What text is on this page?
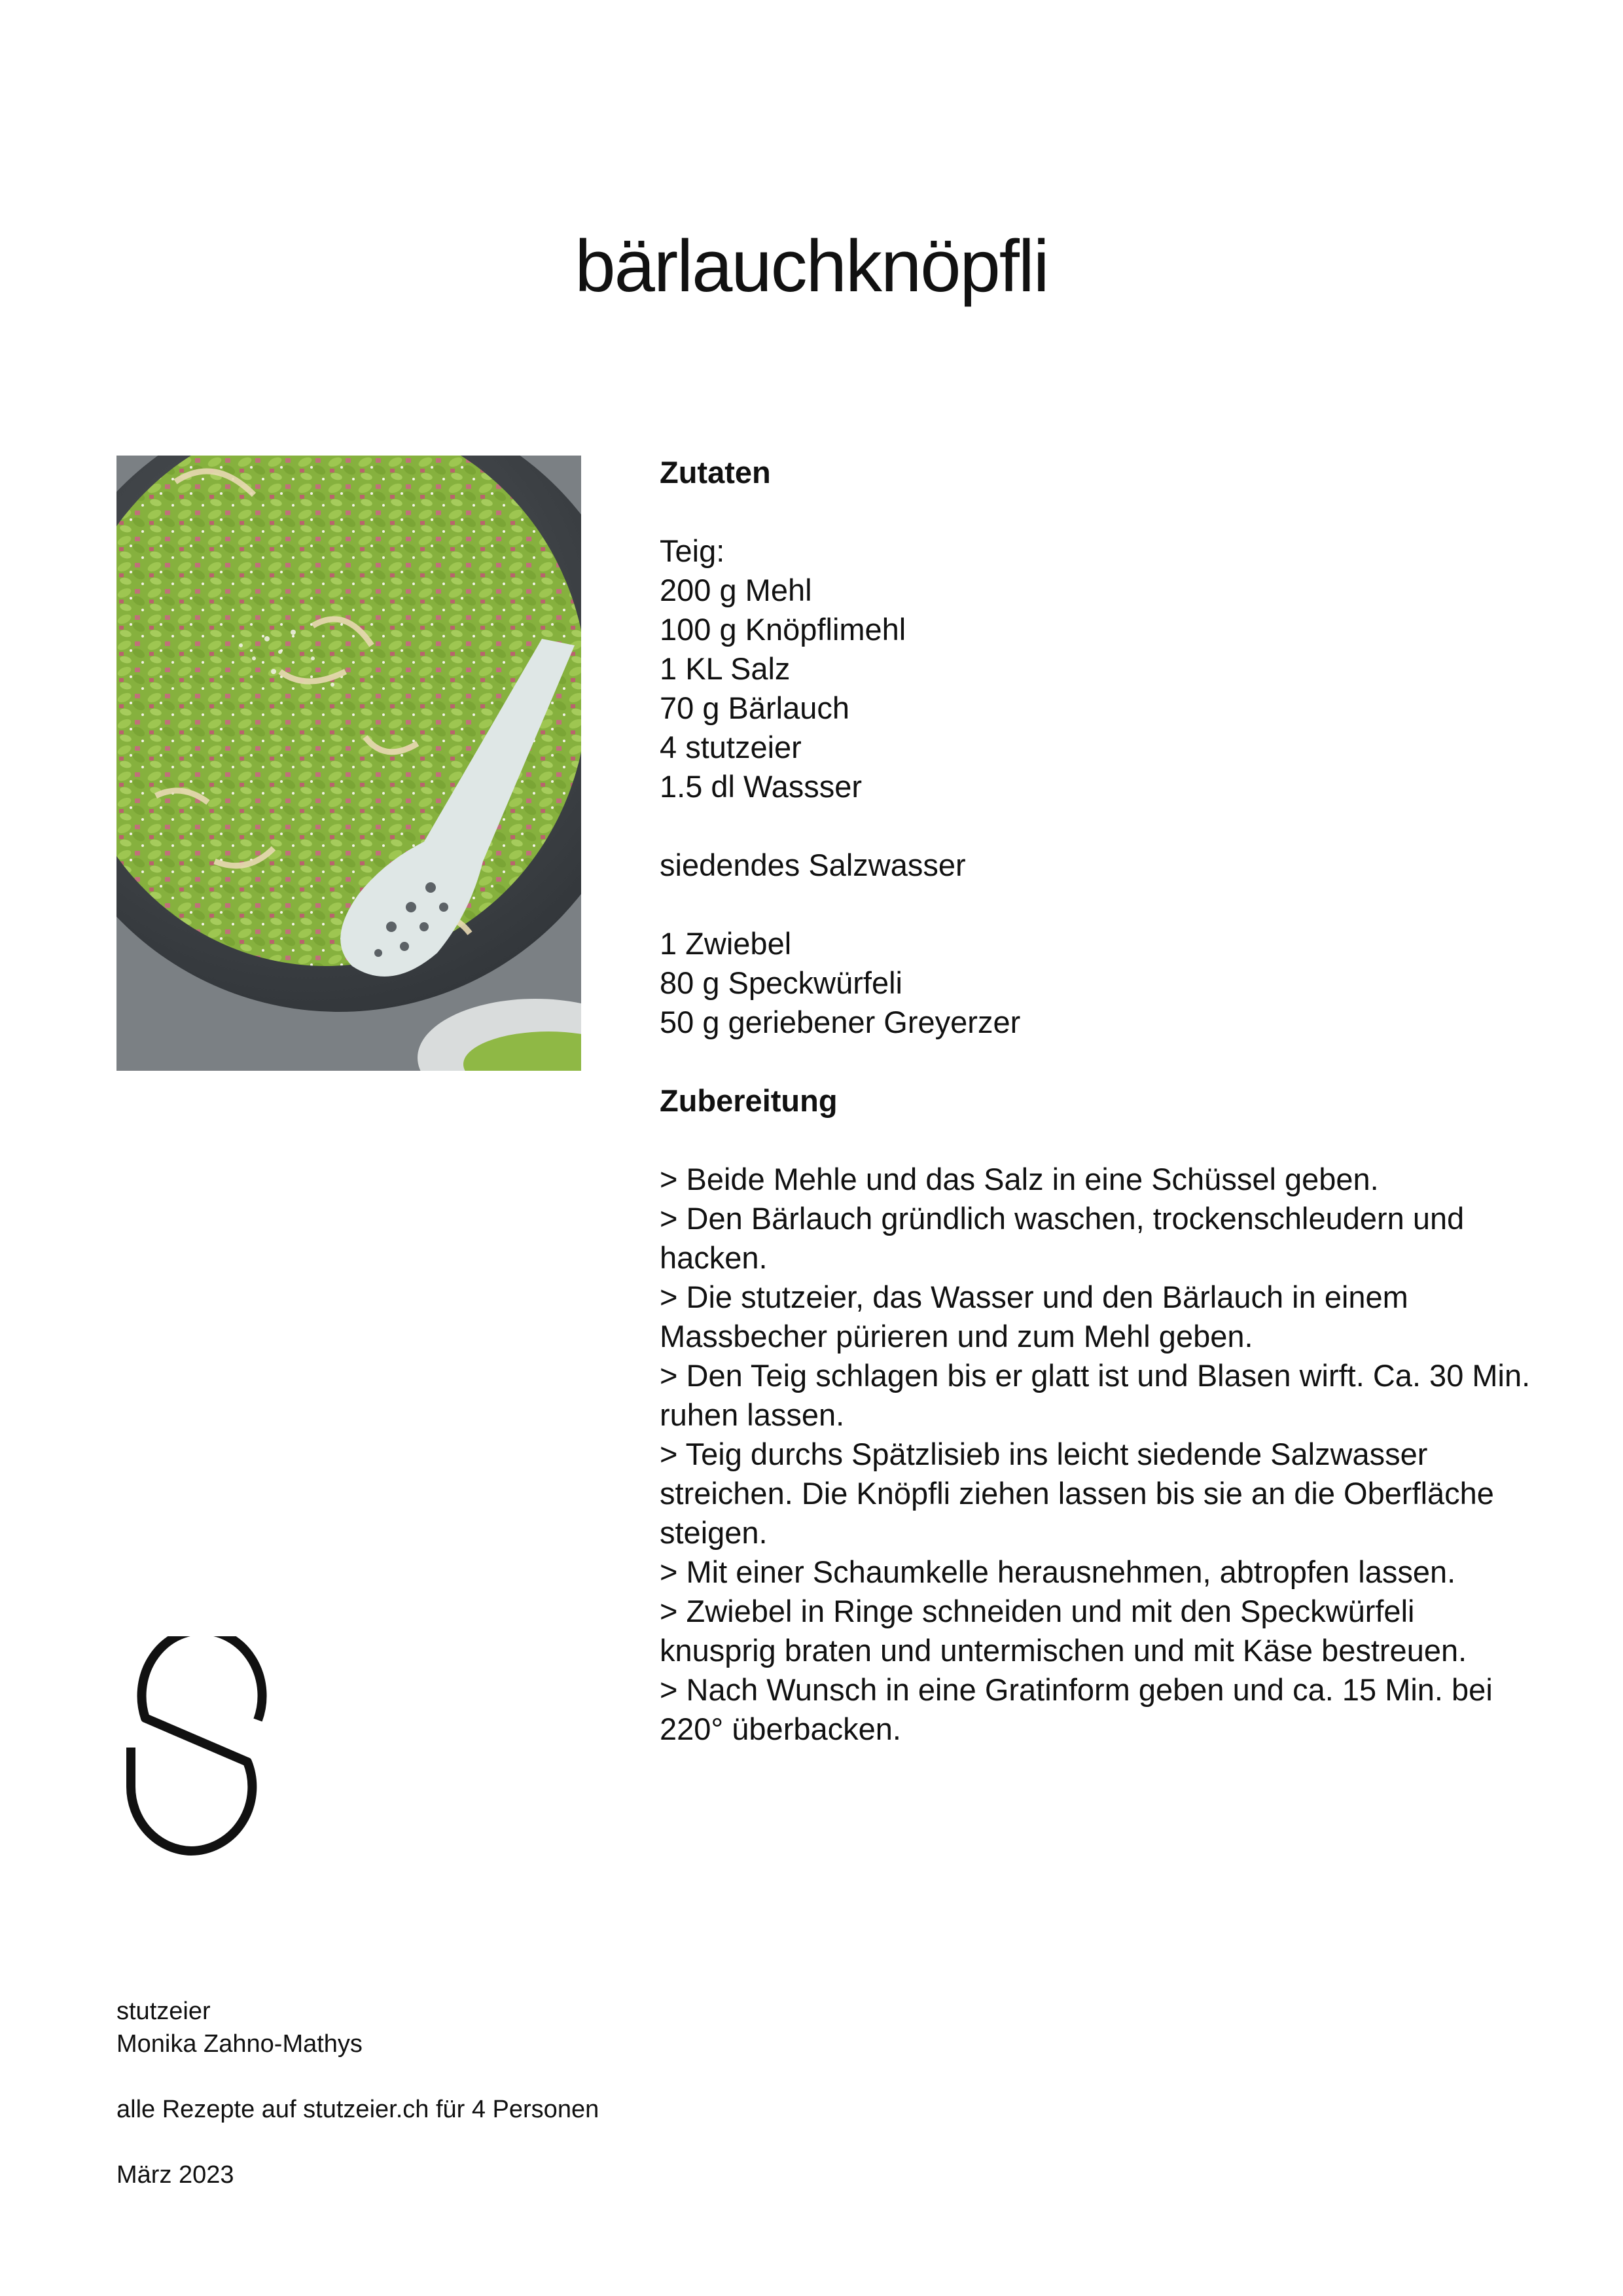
bärlauchknöpfli
Zutaten
Teig:
200 g Mehl
100 g Knöpflimehl
1 KL Salz
70 g Bärlauch
4 stutzeier
1.5 dl Wassser
siedendes Salzwasser
1 Zwiebel
80 g Speckwürfeli
50 g geriebener Greyerzer
Zubereitung
> Beide Mehle und das Salz in eine Schüssel geben.
> Den Bärlauch gründlich waschen, trockenschleudern und hacken.
> Die stutzeier, das Wasser und den Bärlauch in einem Massbecher pürieren und zum Mehl geben.
> Den Teig schlagen bis er glatt ist und Blasen wirft. Ca. 30 Min. ruhen lassen.
> Teig durchs Spätzlisieb ins leicht siedende Salzwasser streichen. Die Knöpfli ziehen lassen bis sie an die Oberfläche steigen.
> Mit einer Schaumkelle herausnehmen, abtropfen lassen.
> Zwiebel in Ringe schneiden und mit den Speckwürfeli knusprig braten und untermischen und mit Käse bestreuen.
> Nach Wunsch in eine Gratinform geben und ca. 15 Min. bei 220° überbacken.
stutzeier
Monika Zahno-Mathys
alle Rezepte auf stutzeier.ch für 4 Personen
März 2023
